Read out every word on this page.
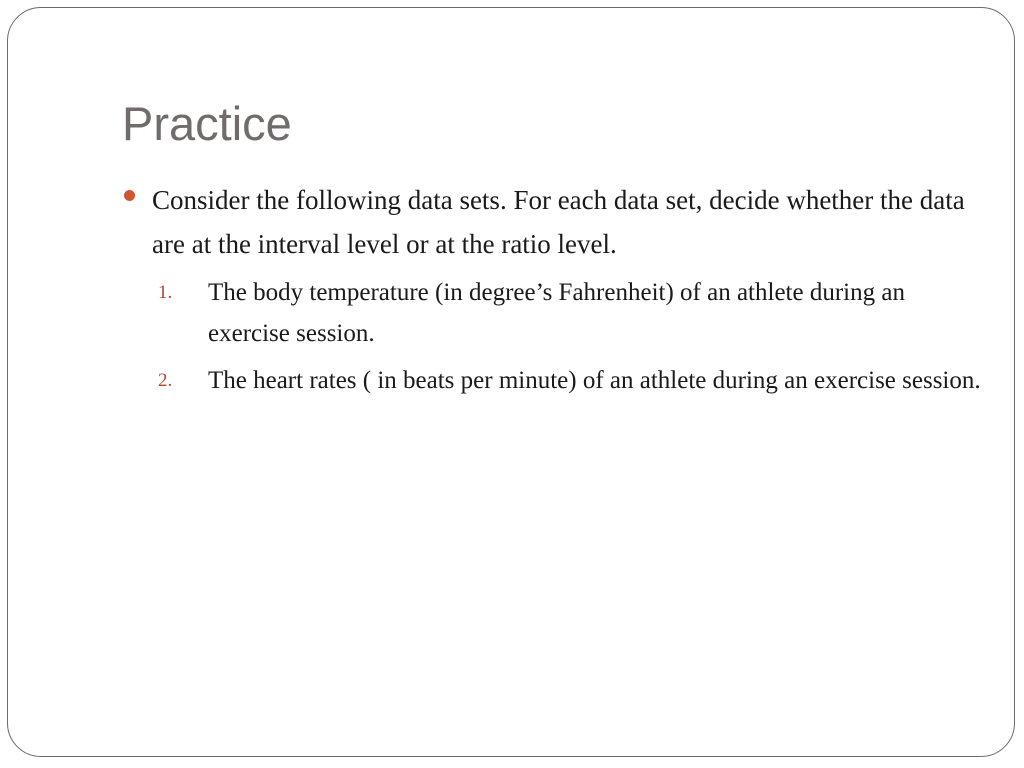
Practice

Consider the following data sets. For each data set, decide whether the data are at the interval level or at the ratio level.

1. The body temperature (in degree’s Fahrenheit) of an athlete during an exercise session.
2. The heart rates ( in beats per minute) of an athlete during an exercise session.
